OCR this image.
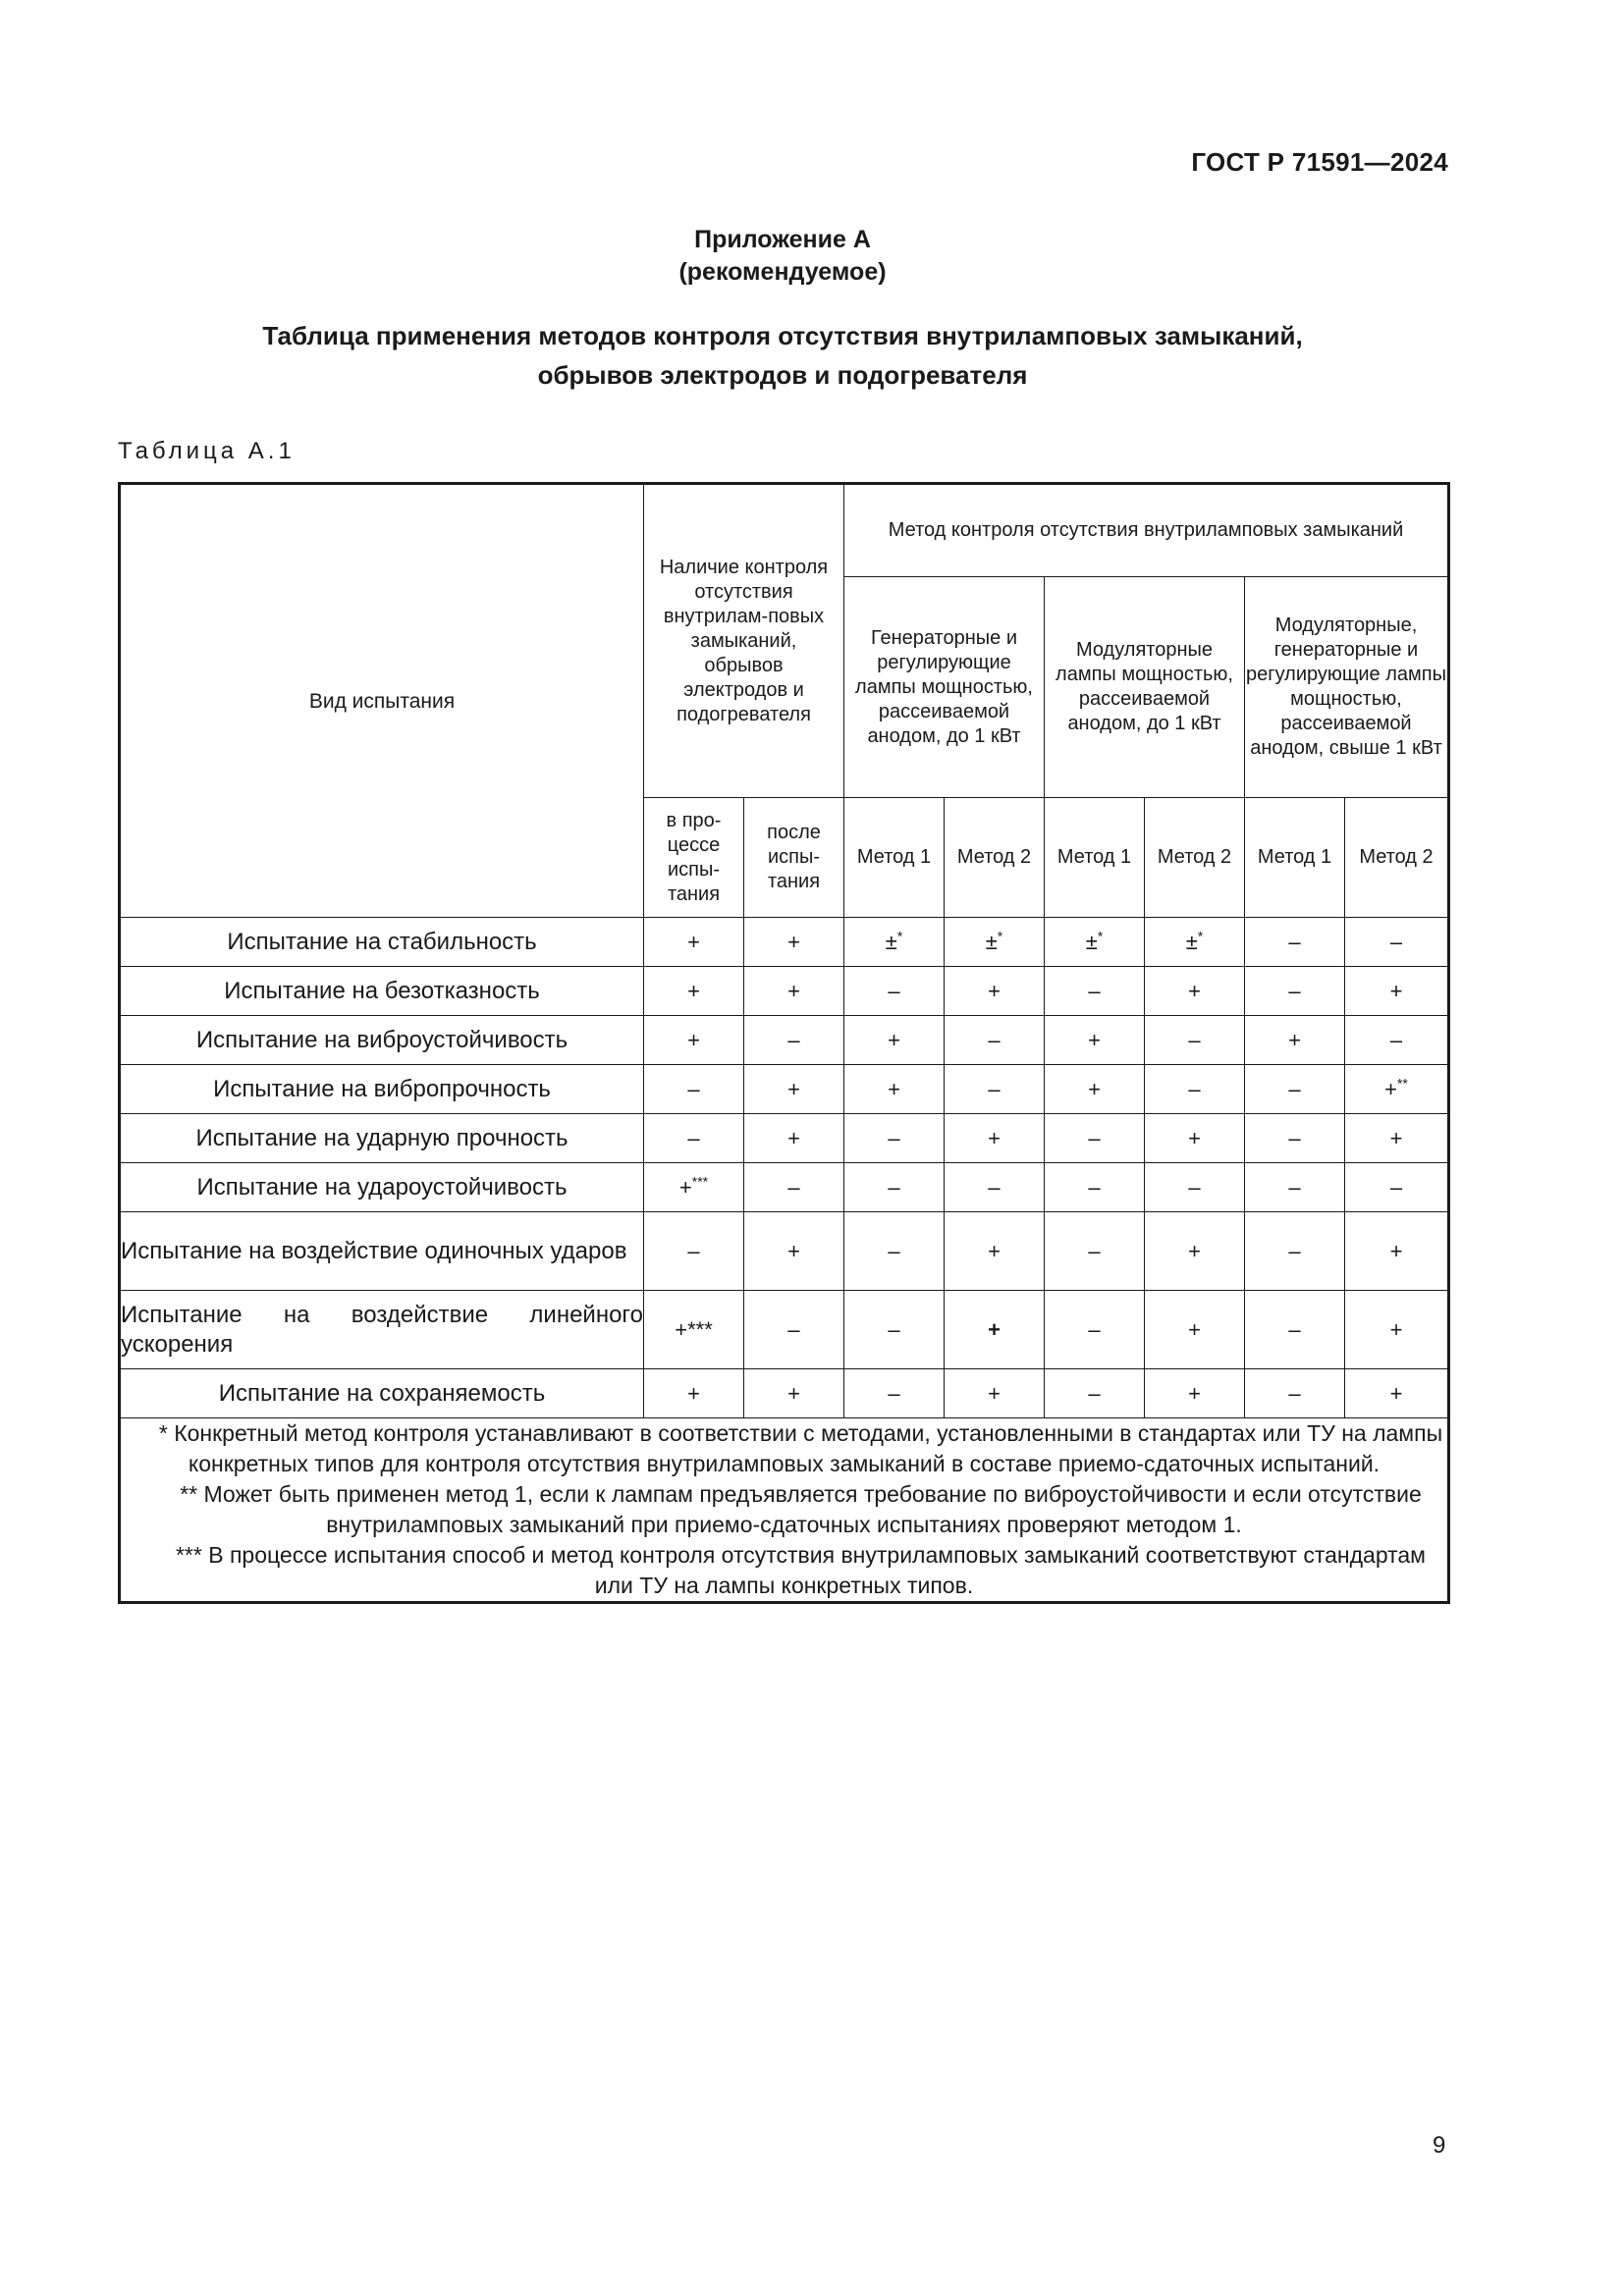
ГОСТ Р 71591—2024
Приложение А
(рекомендуемое)
Таблица применения методов контроля отсутствия внутриламповых замыканий,
обрывов электродов и подогревателя
Таблица А.1
Вид испытания	Наличие контроля отсутствия внутрилам-повых замыканий, обрывов электродов и подогревателя		Метод контроля отсутствия внутриламповых замыканий					
			Генераторные и регулирующие лампы мощностью, рассеиваемой анодом, до 1 кВт		Модуляторные лампы мощностью, рассеиваемой анодом, до 1 кВт		Модуляторные, генераторные и регулирующие лампы мощностью, рассеиваемой анодом, свыше 1 кВт	
	в про-цессе испы-тания	после испы-тания	Метод 1	Метод 2	Метод 1	Метод 2	Метод 1	Метод 2
Испытание на стабильность	+	+	±*	±*	±*	±*	–	–
Испытание на безотказность	+	+	–	+	–	+	–	+
Испытание на виброустойчивость	+	–	+	–	+	–	+	–
Испытание на вибропрочность	–	+	+	–	+	–	–	+**
Испытание на ударную прочность	–	+	–	+	–	+	–	+
Испытание на удароустойчивость	+***	–	–	–	–	–	–	–
Испытание на воздействие одиночных ударов	–	+	–	+	–	+	–	+
Испытание на воздействие линейного ускорения	+***	–	–	+	–	+	–	+
Испытание на сохраняемость	+	+	–	+	–	+	–	+

* Конкретный метод контроля устанавливают в соответствии с методами, установленными в стандартах или ТУ на лампы конкретных типов для контроля отсутствия внутриламповых замыканий в составе приемо-сдаточных испытаний.

** Может быть применен метод 1, если к лампам предъявляется требование по виброустойчивости и если отсутствие внутриламповых замыканий при приемо-сдаточных испытаниях проверяют методом 1.

*** В процессе испытания способ и метод контроля отсутствия внутриламповых замыканий соответствуют стандартам или ТУ на лампы конкретных типов.								

9
